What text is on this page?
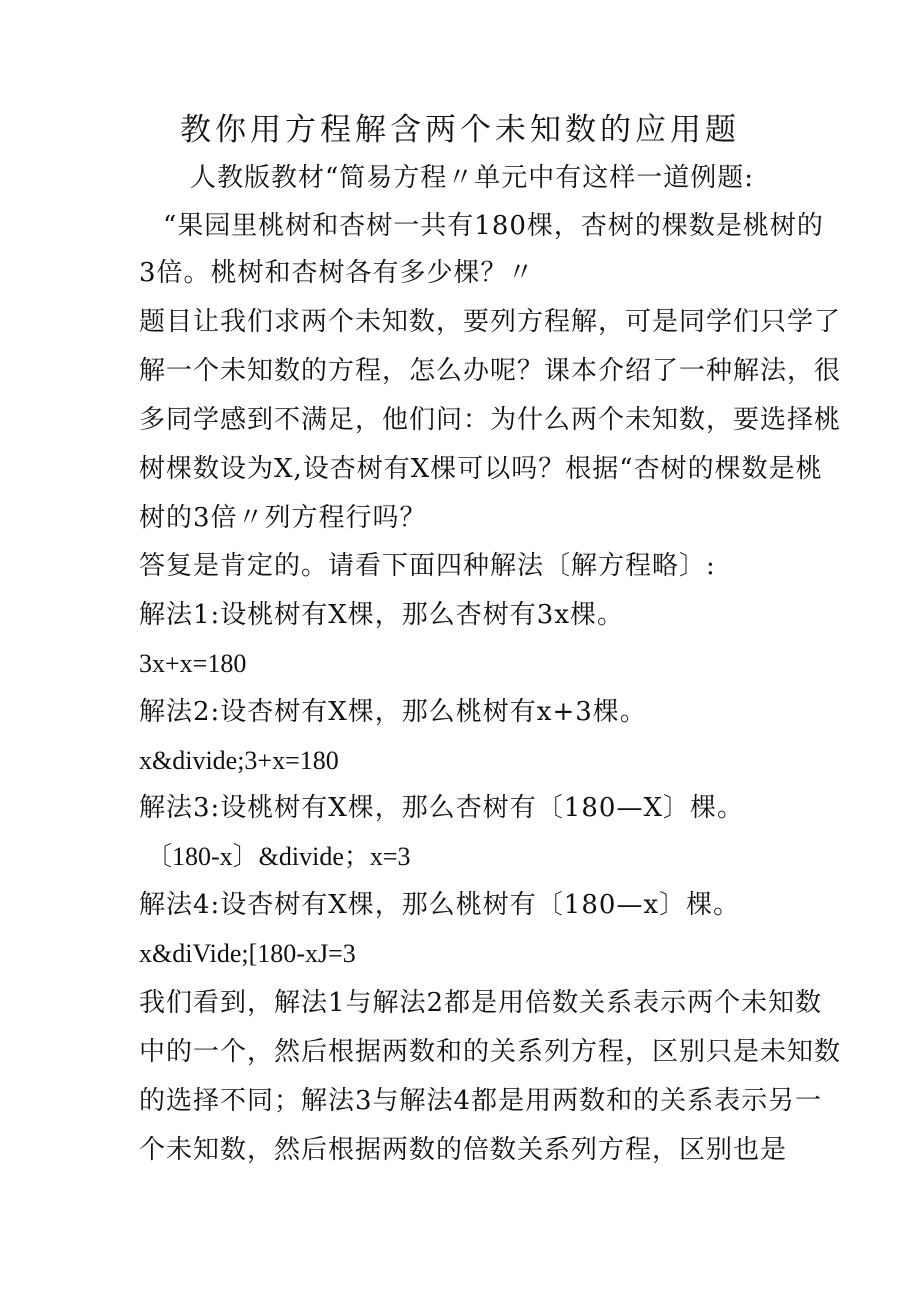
教你用方程解含两个未知数的应用题
人教版教材“简易方程〃单元中有这样一道例题:
“果园里桃树和杏树一共有180棵，杏树的棵数是桃树的
3倍。桃树和杏树各有多少棵？〃
题目让我们求两个未知数，要列方程解，可是同学们只学了
解一个未知数的方程，怎么办呢？课本介绍了一种解法，很
多同学感到不满足，他们问：为什么两个未知数，要选择桃
树棵数设为X,设杏树有X棵可以吗？根据“杏树的棵数是桃
树的3倍〃列方程行吗？
答复是肯定的。请看下面四种解法〔解方程略〕:
解法1:设桃树有X棵，那么杏树有3x棵。
3x+x=180
解法2:设杏树有X棵，那么桃树有x+3棵。
x&divide;3+x=180
解法3:设桃树有X棵，那么杏树有〔180—X〕棵。
〔180-x〕&divide；x=3
解法4:设杏树有X棵，那么桃树有〔180—x〕棵。
x&diVide;[180-xJ=3
我们看到，解法1与解法2都是用倍数关系表示两个未知数
中的一个，然后根据两数和的关系列方程，区别只是未知数
的选择不同；解法3与解法4都是用两数和的关系表示另一
个未知数，然后根据两数的倍数关系列方程，区别也是
